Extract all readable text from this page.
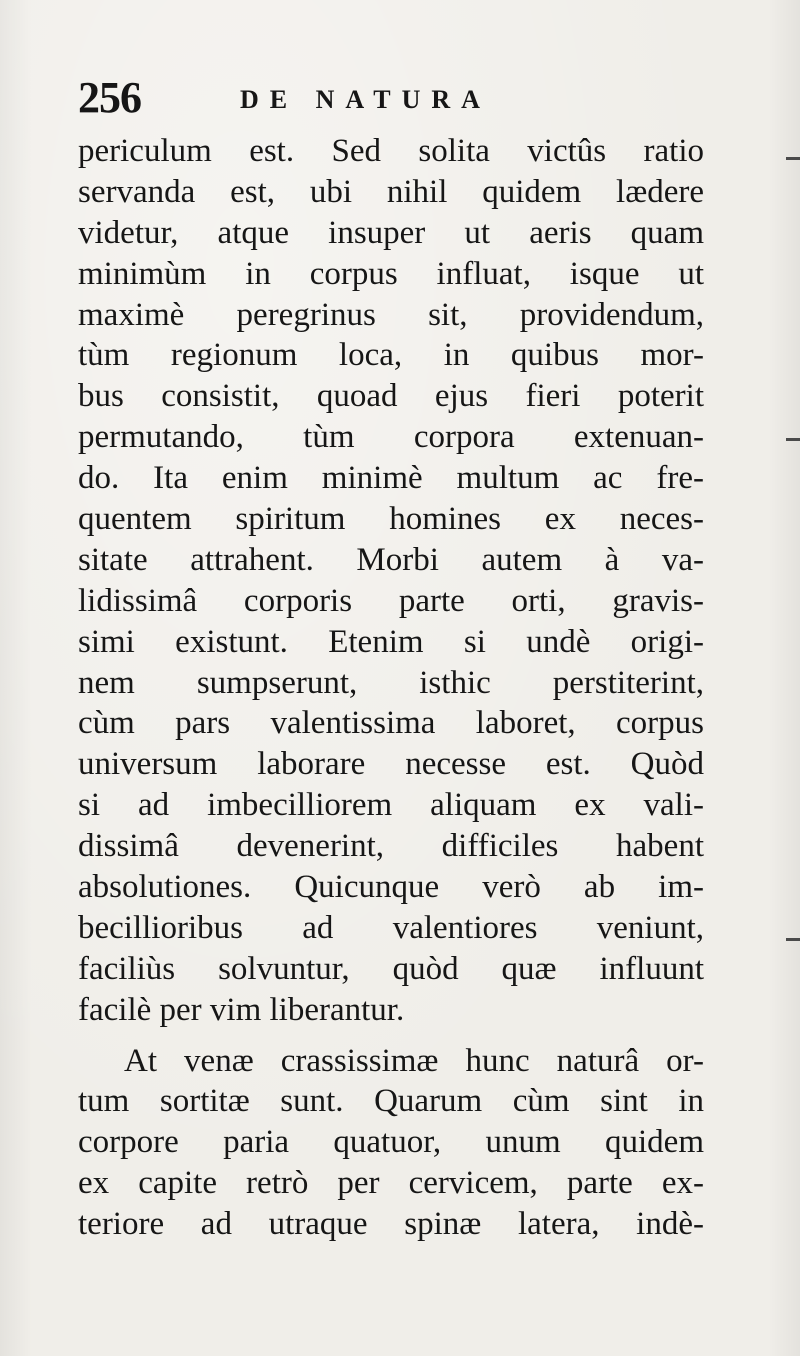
256	DE NATURA
periculum est. Sed solita victûs ratio
servanda est, ubi nihil quidem lædere
videtur, atque insuper ut aeris quam
minimùm in corpus influat, isque ut
maximè peregrinus sit, providendum,
tùm regionum loca, in quibus mor-
bus consistit, quoad ejus fieri poterit
permutando, tùm corpora extenuan-
do. Ita enim minimè multum ac fre-
quentem spiritum homines ex neces-
sitate attrahent. Morbi autem à va-
lidissimâ corporis parte orti, gravis-
simi existunt. Etenim si undè origi-
nem sumpserunt, isthic perstiterint,
cùm pars valentissima laboret, corpus
universum laborare necesse est. Quòd
si ad imbecilliorem aliquam ex vali-
dissimâ devenerint, difficiles habent
absolutiones. Quicunque verò ab im-
becillioribus ad valentiores veniunt,
faciliùs solvuntur, quòd quæ influunt
facilè per vim liberantur.
At venæ crassissimæ hunc naturâ or-
tum sortitæ sunt. Quarum cùm sint in
corpore paria quatuor, unum quidem
ex capite retrò per cervicem, parte ex-
teriore ad utraque spinæ latera, indè-
